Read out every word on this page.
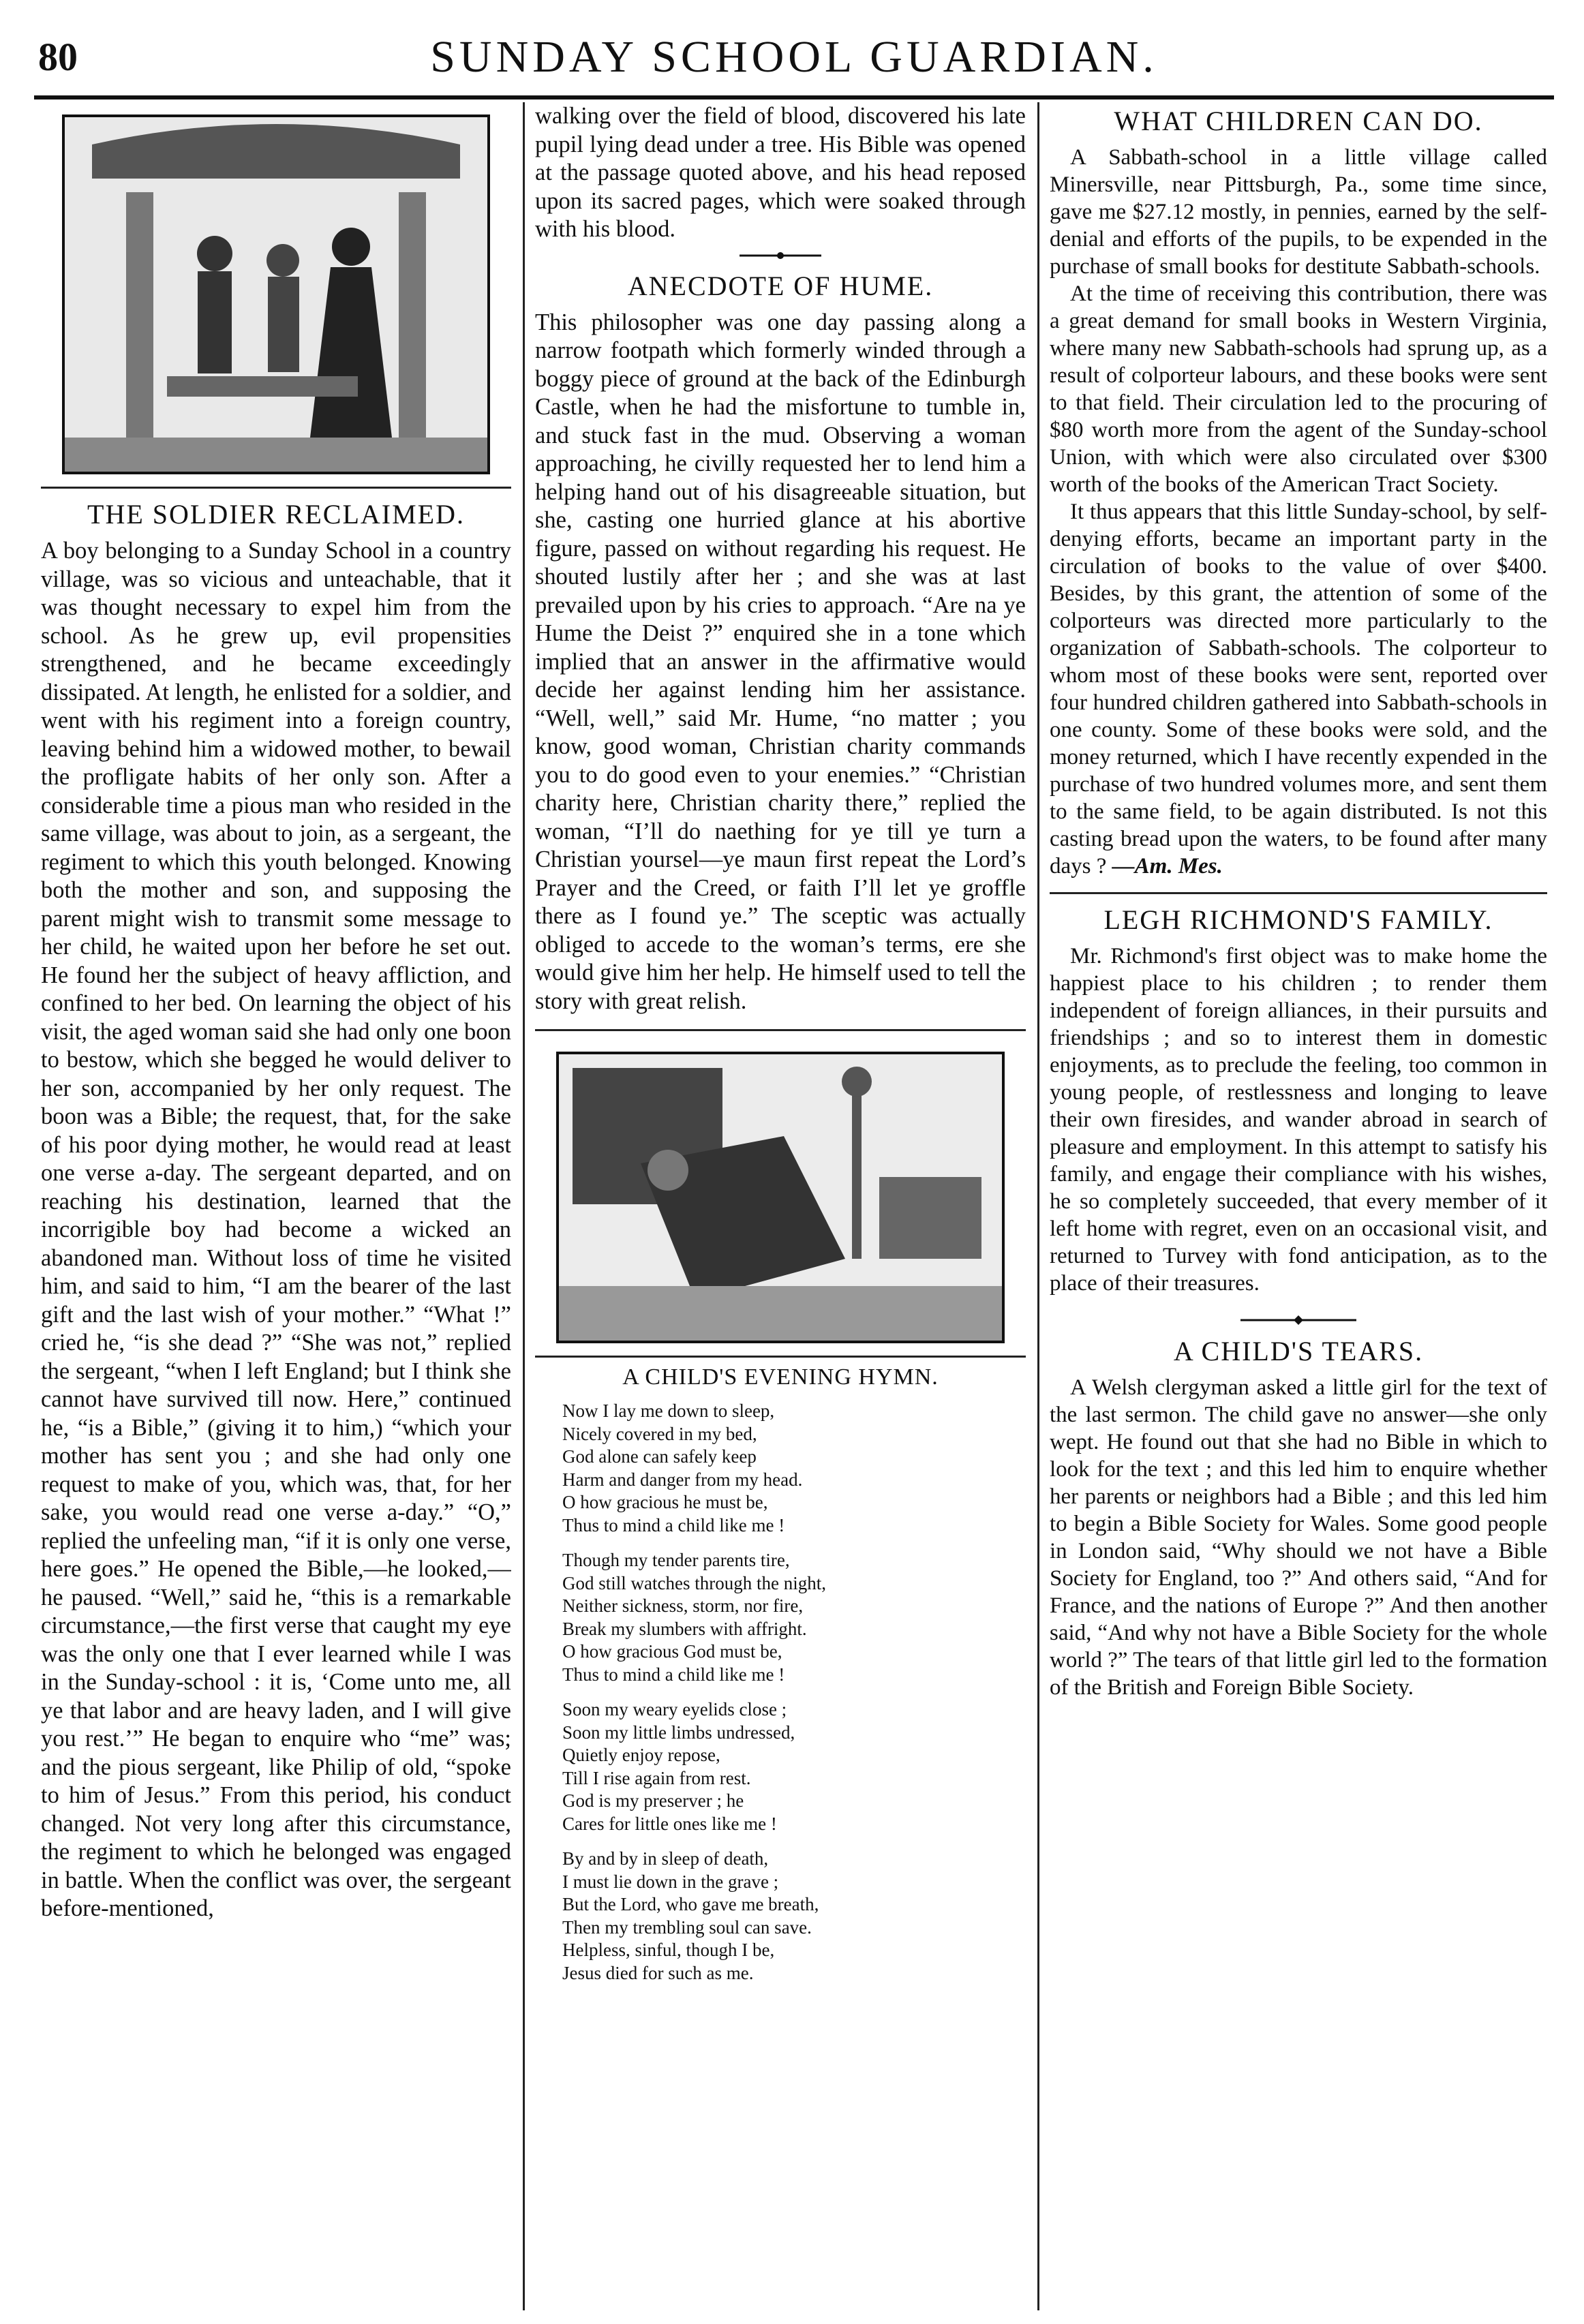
80	SUNDAY SCHOOL GUARDIAN.
THE SOLDIER RECLAIMED.

A boy belonging to a Sunday School in a country village, was so vicious and unteachable, that it was thought necessary to expel him from the school. As he grew up, evil propensities strengthened, and he became exceedingly dissipated. At length, he enlisted for a soldier, and went with his regiment into a foreign country, leaving behind him a widowed mother, to bewail the profligate habits of her only son. After a considerable time a pious man who resided in the same village, was about to join, as a sergeant, the regiment to which this youth belonged. Knowing both the mother and son, and supposing the parent might wish to transmit some message to her child, he waited upon her before he set out. He found her the subject of heavy affliction, and confined to her bed. On learning the object of his visit, the aged woman said she had only one boon to bestow, which she begged he would deliver to her son, accompanied by her only request. The boon was a Bible; the request, that, for the sake of his poor dying mother, he would read at least one verse a-day. The sergeant departed, and on reaching his destination, learned that the incorrigible boy had become a wicked an abandoned man. Without loss of time he visited him, and said to him, “I am the bearer of the last gift and the last wish of your mother.” “What !” cried he, “is she dead ?” “She was not,” replied the sergeant, “when I left England; but I think she cannot have survived till now. Here,” continued he, “is a Bible,” (giving it to him,) “which your mother has sent you ; and she had only one request to make of you, which was, that, for her sake, you would read one verse a-day.” “O,” replied the unfeeling man, “if it is only one verse, here goes.” He opened the Bible,—he looked,—he paused. “Well,” said he, “this is a remarkable circumstance,—the first verse that caught my eye was the only one that I ever learned while I was in the Sunday-school : it is, ‘Come unto me, all ye that labor and are heavy laden, and I will give you rest.’” He began to enquire who “me” was; and the pious sergeant, like Philip of old, “spoke to him of Jesus.” From this period, his conduct changed. Not very long after this circumstance, the regiment to which he belonged was engaged in battle. When the conflict was over, the sergeant before-mentioned,

walking over the field of blood, discovered his late pupil lying dead under a tree. His Bible was opened at the passage quoted above, and his head reposed upon its sacred pages, which were soaked through with his blood.

ANECDOTE OF HUME.

This philosopher was one day passing along a narrow footpath which formerly winded through a boggy piece of ground at the back of the Edinburgh Castle, when he had the misfortune to tumble in, and stuck fast in the mud. Observing a woman approaching, he civilly requested her to lend him a helping hand out of his disagreeable situation, but she, casting one hurried glance at his abortive figure, passed on without regarding his request. He shouted lustily after her ; and she was at last prevailed upon by his cries to approach. “Are na ye Hume the Deist ?” enquired she in a tone which implied that an answer in the affirmative would decide her against lending him her assistance. “Well, well,” said Mr. Hume, “no matter ; you know, good woman, Christian charity commands you to do good even to your enemies.” “Christian charity here, Christian charity there,” replied the woman, “I’ll do naething for ye till ye turn a Christian yoursel—ye maun first repeat the Lord’s Prayer and the Creed, or faith I’ll let ye groffle there as I found ye.” The sceptic was actually obliged to accede to the woman’s terms, ere she would give him her help. He himself used to tell the story with great relish.

A CHILD'S EVENING HYMN.
Now I lay me down to sleep,
Nicely covered in my bed,
God alone can safely keep
Harm and danger from my head.
O how gracious he must be,
Thus to mind a child like me !
Though my tender parents tire,
God still watches through the night,
Neither sickness, storm, nor fire,
Break my slumbers with affright.
O how gracious God must be,
Thus to mind a child like me !
Soon my weary eyelids close ;
Soon my little limbs undressed,
Quietly enjoy repose,
Till I rise again from rest.
God is my preserver ; he
Cares for little ones like me !
By and by in sleep of death,
I must lie down in the grave ;
But the Lord, who gave me breath,
Then my trembling soul can save.
Helpless, sinful, though I be,
Jesus died for such as me.
WHAT CHILDREN CAN DO.

A Sabbath-school in a little village called Minersville, near Pittsburgh, Pa., some time since, gave me $27.12 mostly, in pennies, earned by the self-denial and efforts of the pupils, to be expended in the purchase of small books for destitute Sabbath-schools.

At the time of receiving this contribution, there was a great demand for small books in Western Virginia, where many new Sabbath-schools had sprung up, as a result of colporteur labours, and these books were sent to that field. Their circulation led to the procuring of $80 worth more from the agent of the Sunday-school Union, with which were also circulated over $300 worth of the books of the American Tract Society.

It thus appears that this little Sunday-school, by self-denying efforts, became an important party in the circulation of books to the value of over $400. Besides, by this grant, the attention of some of the colporteurs was directed more particularly to the organization of Sabbath-schools. The colporteur to whom most of these books were sent, reported over four hundred children gathered into Sabbath-schools in one county. Some of these books were sold, and the money returned, which I have recently expended in the purchase of two hundred volumes more, and sent them to the same field, to be again distributed. Is not this casting bread upon the waters, to be found after many days ? —Am. Mes.

LEGH RICHMOND'S FAMILY.

Mr. Richmond's first object was to make home the happiest place to his children ; to render them independent of foreign alliances, in their pursuits and friendships ; and so to interest them in domestic enjoyments, as to preclude the feeling, too common in young people, of restlessness and longing to leave their own firesides, and wander abroad in search of pleasure and employment. In this attempt to satisfy his family, and engage their compliance with his wishes, he so completely succeeded, that every member of it left home with regret, even on an occasional visit, and returned to Turvey with fond anticipation, as to the place of their treasures.

A CHILD'S TEARS.

A Welsh clergyman asked a little girl for the text of the last sermon. The child gave no answer—she only wept. He found out that she had no Bible in which to look for the text ; and this led him to enquire whether her parents or neighbors had a Bible ; and this led him to begin a Bible Society for Wales. Some good people in London said, “Why should we not have a Bible Society for England, too ?” And others said, “And for France, and the nations of Europe ?” And then another said, “And why not have a Bible Society for the whole world ?” The tears of that little girl led to the formation of the British and Foreign Bible Society.
